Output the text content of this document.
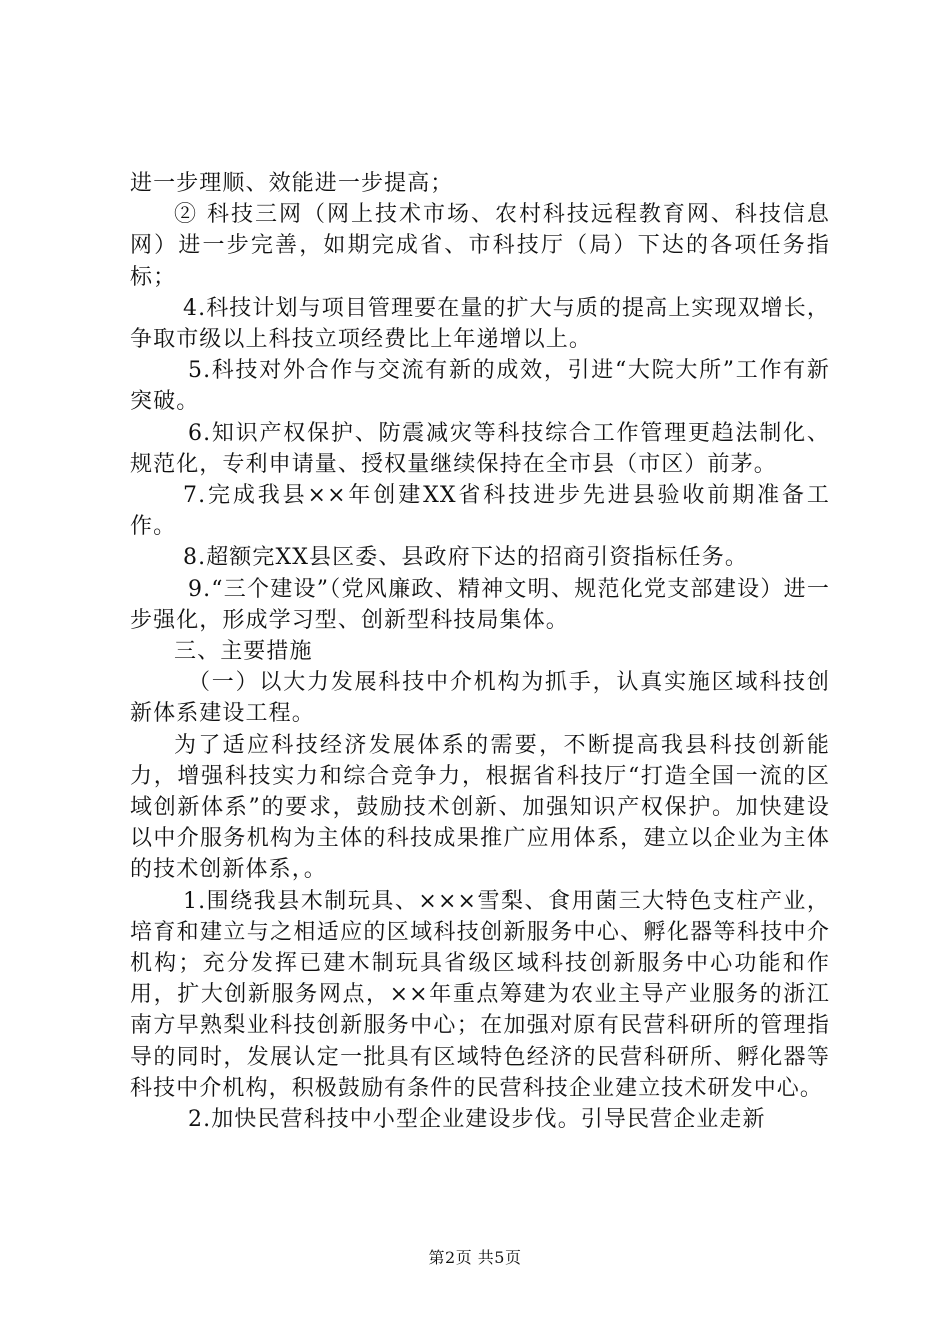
进一步理顺、效能进一步提高；

② 科技三网（网上技术市场、农村科技远程教育网、科技信息网）进一步完善，如期完成省、市科技厅（局）下达的各项任务指标；

4.科技计划与项目管理要在量的扩大与质的提高上实现双增长，争取市级以上科技立项经费比上年递增以上。

5.科技对外合作与交流有新的成效，引进“大院大所”工作有新突破。

6.知识产权保护、防震减灾等科技综合工作管理更趋法制化、规范化，专利申请量、授权量继续保持在全市县（市区）前茅。

7.完成我县××年创建XX省科技进步先进县验收前期准备工作。

8.超额完XX县区委、县政府下达的招商引资指标任务。

9.“三个建设”（党风廉政、精神文明、规范化党支部建设）进一步强化，形成学习型、创新型科技局集体。

三、主要措施

（一）以大力发展科技中介机构为抓手，认真实施区域科技创新体系建设工程。

为了适应科技经济发展体系的需要，不断提高我县科技创新能力，增强科技实力和综合竞争力，根据省科技厅“打造全国一流的区域创新体系”的要求，鼓励技术创新、加强知识产权保护。加快建设以中介服务机构为主体的科技成果推广应用体系，建立以企业为主体的技术创新体系，。

1.围绕我县木制玩具、×××雪梨、食用菌三大特色支柱产业，培育和建立与之相适应的区域科技创新服务中心、孵化器等科技中介机构；充分发挥已建木制玩具省级区域科技创新服务中心功能和作用，扩大创新服务网点，××年重点筹建为农业主导产业服务的浙江南方早熟梨业科技创新服务中心；在加强对原有民营科研所的管理指导的同时，发展认定一批具有区域特色经济的民营科研所、孵化器等科技中介机构，积极鼓励有条件的民营科技企业建立技术研发中心。

2.加快民营科技中小型企业建设步伐。引导民营企业走新

第2页 共5页
